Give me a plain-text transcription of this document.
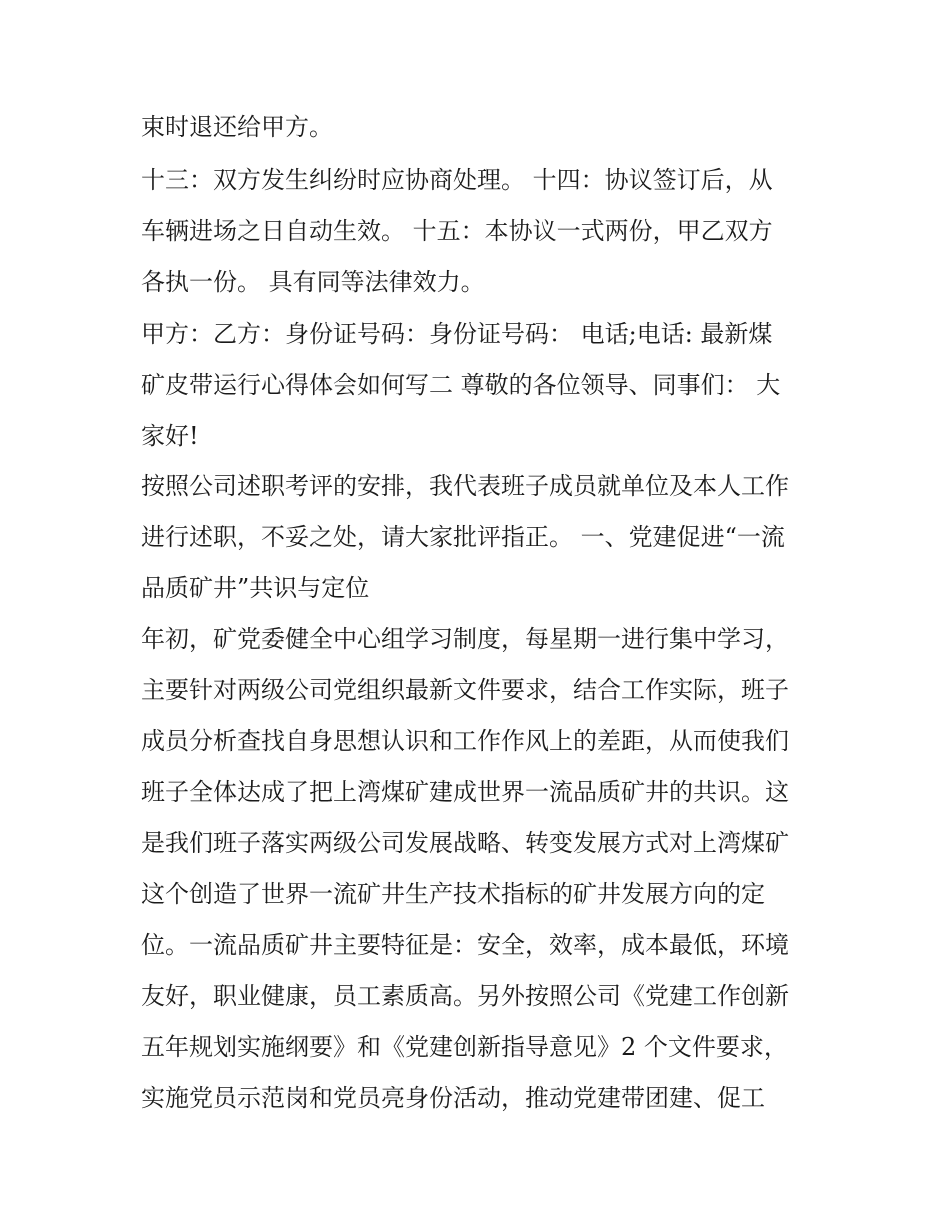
束时退还给甲方。

十三：双方发生纠纷时应协商处理。 十四：协议签订后，从

车辆进场之日自动生效。 十五：本协议一式两份，甲乙双方

各执一份。 具有同等法律效力。

甲方：乙方：身份证号码：身份证号码： 电话;电话: 最新煤

矿皮带运行心得体会如何写二 尊敬的各位领导、同事们： 大

家好!

按照公司述职考评的安排，我代表班子成员就单位及本人工作

进行述职，不妥之处，请大家批评指正。 一、党建促进“一流

品质矿井”共识与定位

年初，矿党委健全中心组学习制度，每星期一进行集中学习，

主要针对两级公司党组织最新文件要求，结合工作实际，班子

成员分析查找自身思想认识和工作作风上的差距，从而使我们

班子全体达成了把上湾煤矿建成世界一流品质矿井的共识。这

是我们班子落实两级公司发展战略、转变发展方式对上湾煤矿

这个创造了世界一流矿井生产技术指标的矿井发展方向的定

位。一流品质矿井主要特征是：安全，效率，成本最低，环境

友好，职业健康，员工素质高。另外按照公司《党建工作创新

五年规划实施纲要》和《党建创新指导意见》2 个文件要求，

实施党员示范岗和党员亮身份活动，推动党建带团建、促工
